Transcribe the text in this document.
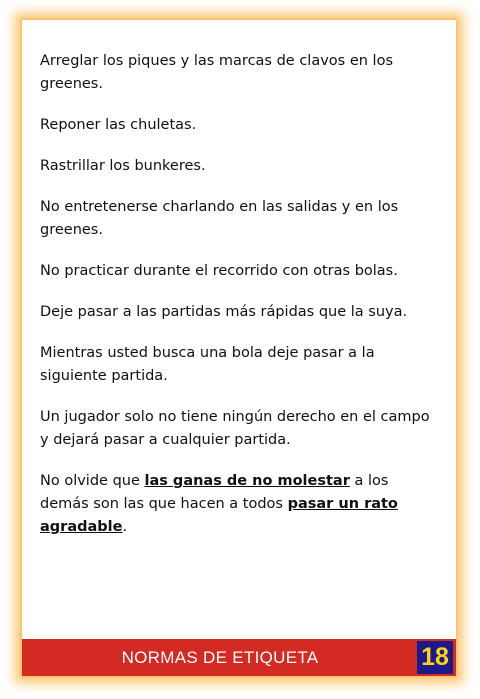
Arreglar los piques y las marcas de clavos en los greenes.

Reponer las chuletas.

Rastrillar los bunkeres.

No entretenerse charlando en las salidas y en los greenes.

No practicar durante el recorrido con otras bolas.

Deje pasar a las partidas más rápidas que la suya.

Mientras usted busca una bola deje pasar a la siguiente partida.

Un jugador solo no tiene ningún derecho en el campo y dejará pasar a cualquier partida.

No olvide que las ganas de no molestar a los demás son las que hacen a todos pasar un rato agradable.

NORMAS DE ETIQUETA	18
